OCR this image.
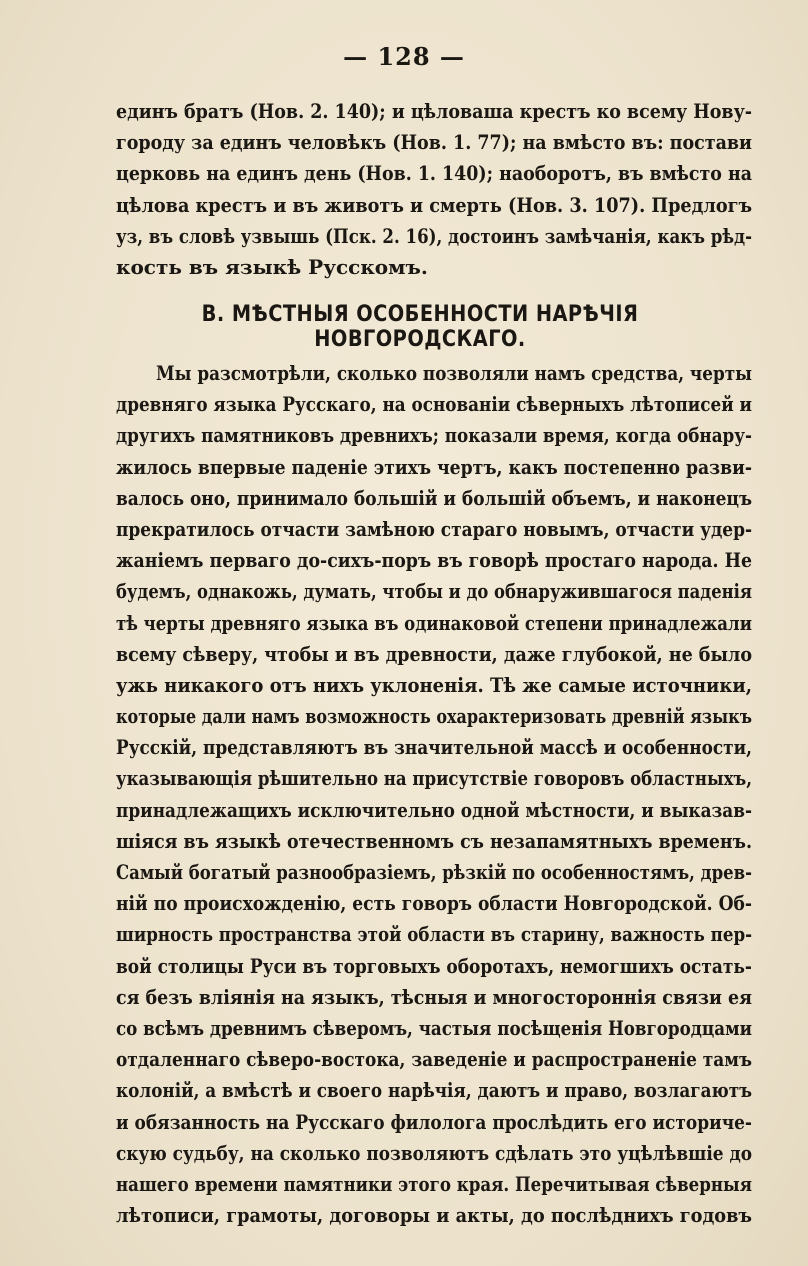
— 128 —
единъ братъ (Нов. 2. 140); и цѣловаша крестъ ко всему Нову-
городу за единъ человѣкъ (Нов. 1. 77); на вмѣсто въ: постави
церковь на единъ день (Нов. 1. 140); наоборотъ, въ вмѣсто на
цѣлова крестъ и въ животъ и смерть (Нов. 3. 107). Предлогъ
уз, въ словѣ узвышь (Пск. 2. 16), достоинъ замѣчанія, какъ рѣд-
кость въ языкѣ Русскомъ.
В. МѢСТНЫЯ ОСОБЕННОСТИ НАРѢЧІЯ НОВГОРОДСКАГО.
Мы разсмотрѣли, сколько позволяли намъ средства, черты
древняго языка Русскаго, на основаніи сѣверныхъ лѣтописей и
другихъ памятниковъ древнихъ; показали время, когда обнару-
жилось впервые паденіе этихъ чертъ, какъ постепенно разви-
валось оно, принимало большій и большій объемъ, и наконецъ
прекратилось отчасти замѣною стараго новымъ, отчасти удер-
жаніемъ перваго до-сихъ-поръ въ говорѣ простаго народа. Не
будемъ, однакожь, думать, чтобы и до обнаружившагося паденія
тѣ черты древняго языка въ одинаковой степени принадлежали
всему сѣверу, чтобы и въ древности, даже глубокой, не было
ужь никакого отъ нихъ уклоненія. Тѣ же самые источники,
которые дали намъ возможность охарактеризовать древній языкъ
Русскій, представляютъ въ значительной массѣ и особенности,
указывающія рѣшительно на присутствіе говоровъ областныхъ,
принадлежащихъ исключительно одной мѣстности, и выказав-
шіяся въ языкѣ отечественномъ съ незапамятныхъ временъ.
Самый богатый разнообразіемъ, рѣзкій по особенностямъ, древ-
ній по происхожденію, есть говоръ области Новгородской. Об-
ширность пространства этой области въ старину, важность пер-
вой столицы Руси въ торговыхъ оборотахъ, немогшихъ остать-
ся безъ вліянія на языкъ, тѣсныя и многостороннія связи ея
со всѣмъ древнимъ сѣверомъ, частыя посѣщенія Новгородцами
отдаленнаго сѣверо-востока, заведеніе и распространеніе тамъ
колоній, а вмѣстѣ и своего нарѣчія, даютъ и право, возлагаютъ
и обязанность на Русскаго филолога прослѣдить его историче-
скую судьбу, на сколько позволяютъ сдѣлать это уцѣлѣвшіе до
нашего времени памятники этого края. Перечитывая сѣверныя
лѣтописи, грамоты, договоры и акты, до послѣднихъ годовъ
